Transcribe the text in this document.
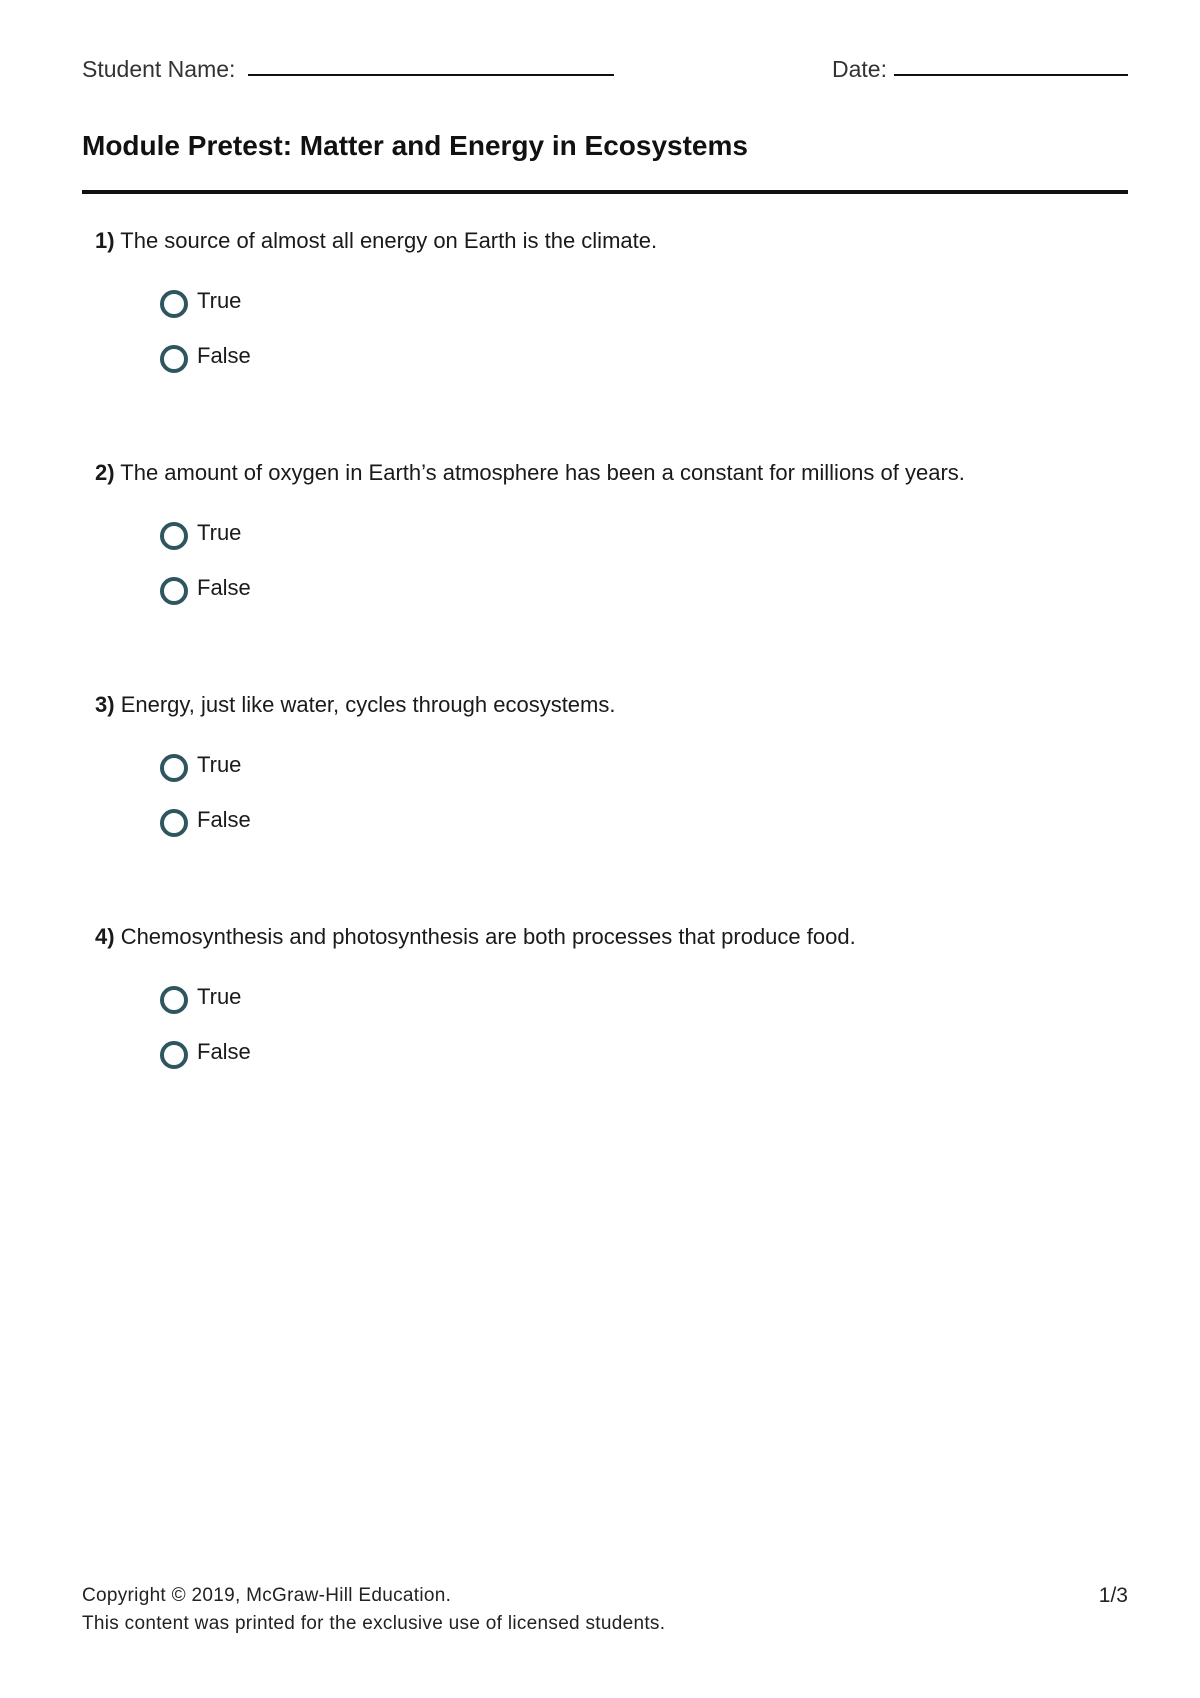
Student Name:	Date:
Module Pretest: Matter and Energy in Ecosystems
1) The source of almost all energy on Earth is the climate.
True
False
2) The amount of oxygen in Earth’s atmosphere has been a constant for millions of years.
True
False
3) Energy, just like water, cycles through ecosystems.
True
False
4) Chemosynthesis and photosynthesis are both processes that produce food.
True
False
Copyright © 2019, McGraw-Hill Education.
This content was printed for the exclusive use of licensed students.
1/3
